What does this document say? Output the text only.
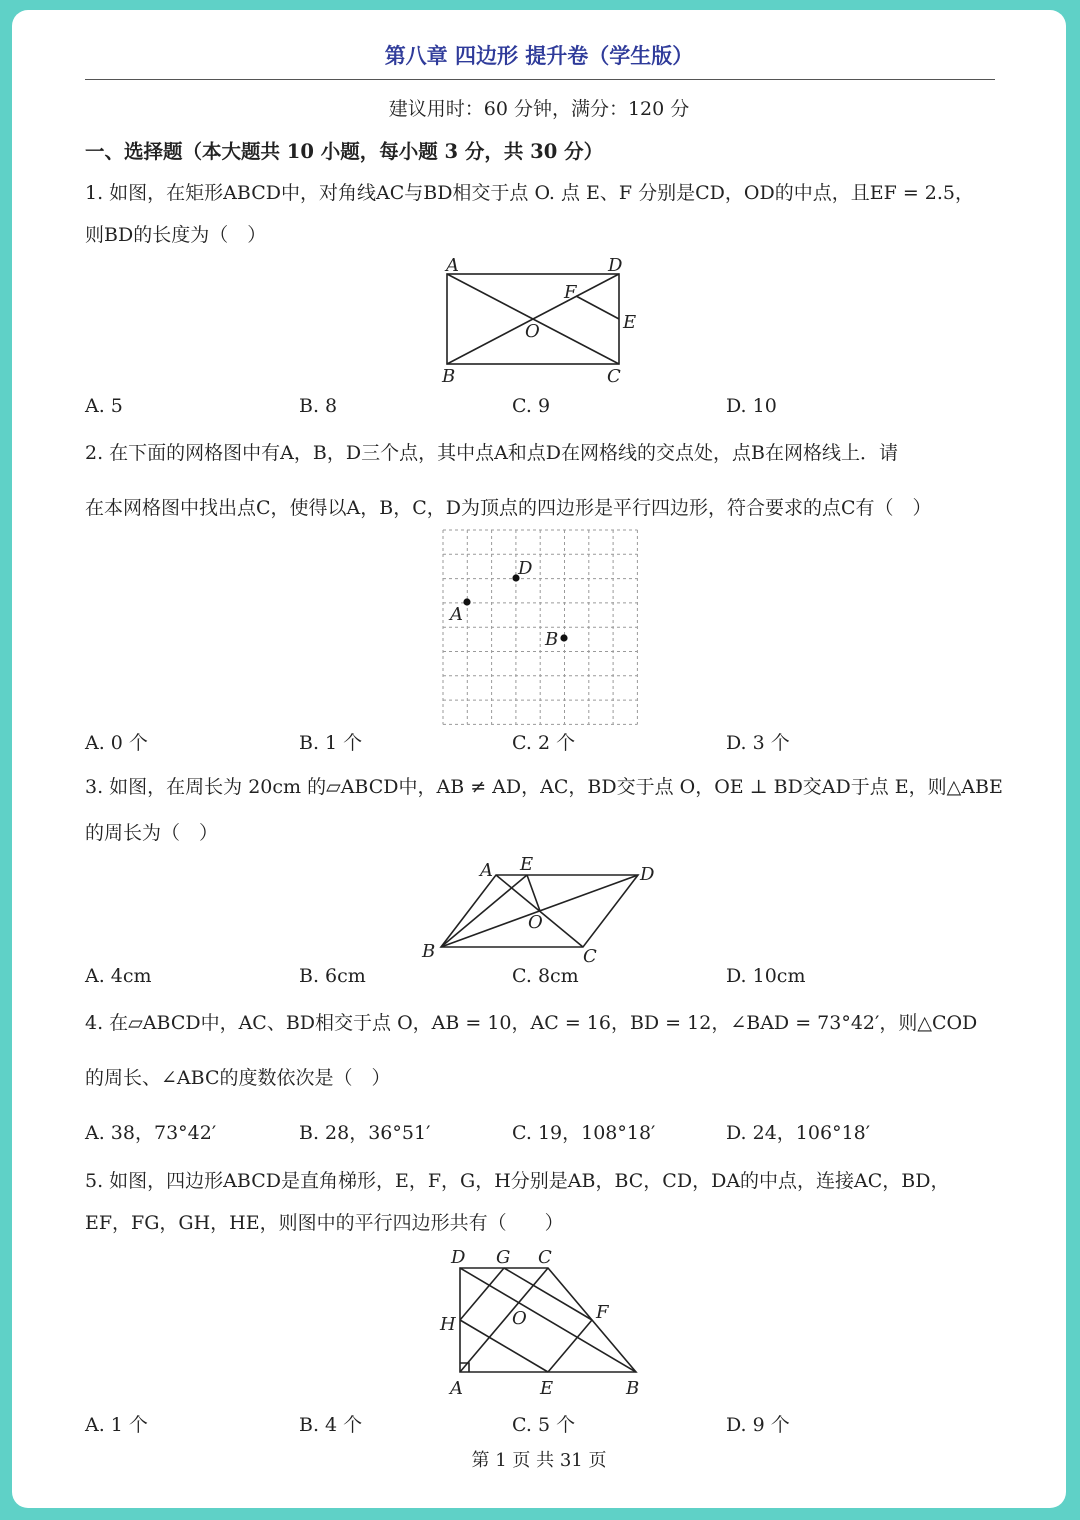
第八章 四边形 提升卷（学生版）
建议用时：60 分钟，满分：120 分
一、选择题（本大题共 10 小题，每小题 3 分，共 30 分）
1. 如图，在矩形ABCD中，对角线AC与BD相交于点 O. 点 E、F 分别是CD，OD的中点，且EF = 2.5，
则BD的长度为（　）
A	D
F
E
O
B	C
A. 5	B. 8	C. 9	D. 10
2. 在下面的网格图中有A，B，D三个点，其中点A和点D在网格线的交点处，点B在网格线上．请
在本网格图中找出点C，使得以A，B，C，D为顶点的四边形是平行四边形，符合要求的点C有（　）
D
A
B
A. 0 个	B. 1 个	C. 2 个	D. 3 个
3. 如图，在周长为 20cm 的▱ABCD中，AB ≠ AD，AC，BD交于点 O，OE ⊥ BD交AD于点 E，则△ABE
的周长为（　）
A E	D
O
B	C
A. 4cm	B. 6cm	C. 8cm	D. 10cm
4. 在▱ABCD中，AC、BD相交于点 O，AB = 10，AC = 16，BD = 12，∠BAD = 73°42′，则△COD
的周长、∠ABC的度数依次是（　）
A. 38，73°42′	B. 28，36°51′	C. 19，108°18′	D. 24，106°18′
5. 如图，四边形ABCD是直角梯形，E，F，G，H分别是AB，BC，CD，DA的中点，连接AC，BD，
EF，FG，GH，HE，则图中的平行四边形共有（　　）
D G C
F
H	O
A	E	B
A. 1 个	B. 4 个	C. 5 个	D. 9 个
第 1 页 共 31 页
